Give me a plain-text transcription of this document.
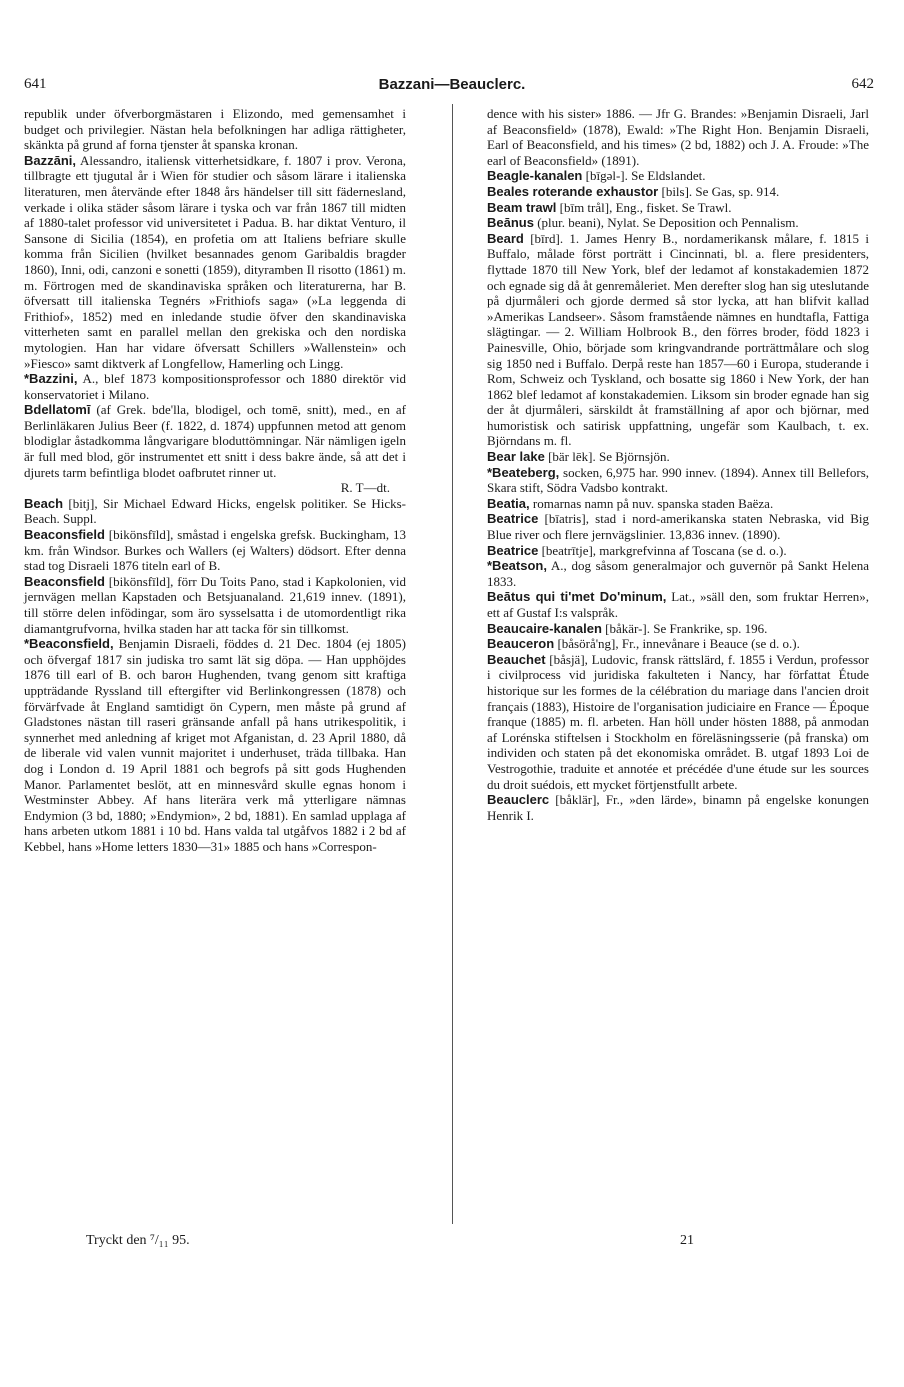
641	Bazzani—Beauclerc.	642

republik under öfverborgmästaren i Elizondo, med gemensamhet i budget och privilegier. Nästan hela befolkningen har adliga rättigheter, skänkta på grund af forna tjenster åt spanska kronan.

Bazzāni, Alessandro, italiensk vitterhetsidkare, f. 1807 i prov. Verona, tillbragte ett tjugutal år i Wien för studier och såsom lärare i italienska literaturen, men återvände efter 1848 års händelser till sitt fädernesland, verkade i olika städer såsom lärare i tyska och var från 1867 till midten af 1880-talet professor vid universitetet i Padua. B. har diktat Venturo, il Sansone di Sicilia (1854), en profetia om att Italiens befriare skulle komma från Sicilien (hvilket besannades genom Garibaldis bragder 1860), Inni, odi, canzoni e sonetti (1859), dityramben Il risotto (1861) m. m. Förtrogen med de skandinaviska språken och literaturerna, har B. öfversatt till italienska Tegnérs »Frithiofs saga» (»La leggenda di Frithiof», 1852) med en inledande studie öfver den skandinaviska vitterheten samt en parallel mellan den grekiska och den nordiska mytologien. Han har vidare öfversatt Schillers »Wallenstein» och »Fiesco» samt diktverk af Longfellow, Hamerling och Lingg.

*Bazzini, A., blef 1873 kompositionsprofessor och 1880 direktör vid konservatoriet i Milano.

Bdellatomī (af Grek. bde'lla, blodigel, och tomē, snitt), med., en af Berlinläkaren Julius Beer (f. 1822, d. 1874) uppfunnen metod att genom blodiglar åstadkomma långvarigare bloduttömningar. När nämligen igeln är full med blod, gör instrumentet ett snitt i dess bakre ände, så att det i djurets tarm befintliga blodet oafbrutet rinner ut.

R. T—dt.

Beach [bitj], Sir Michael Edward Hicks, engelsk politiker. Se Hicks-Beach. Suppl.

Beaconsfield [bikönsfīld], småstad i engelska grefsk. Buckingham, 13 km. från Windsor. Burkes och Wallers (ej Walters) dödsort. Efter denna stad tog Disraeli 1876 titeln earl of B.

Beaconsfield [bikönsfīld], förr Du Toits Pano, stad i Kapkolonien, vid jernvägen mellan Kapstaden och Betsjuanaland. 21,619 innev. (1891), till större delen infödingar, som äro sysselsatta i de utomordentligt rika diamantgrufvorna, hvilka staden har att tacka för sin tillkomst.

*Beaconsfield, Benjamin Disraeli, föddes d. 21 Dec. 1804 (ej 1805) och öfvergaf 1817 sin judiska tro samt lät sig döpa. — Han upphöjdes 1876 till earl of B. och barон Hughenden, tvang genom sitt kraftiga uppträdande Ryssland till eftergifter vid Berlinkongressen (1878) och förvärfvade åt England samtidigt ön Cypern, men måste på grund af Gladstones nästan till raseri gränsande anfall på hans utrikespolitik, i synnerhet med anledning af kriget mot Afganistan, d. 23 April 1880, då de liberale vid valen vunnit majoritet i underhuset, träda tillbaka. Han dog i London d. 19 April 1881 och begrofs på sitt gods Hughenden Manor. Parlamentet beslöt, att en minnesvård skulle egnas honom i Westminster Abbey. Af hans literära verk må ytterligare nämnas Endymion (3 bd, 1880; »Endymion», 2 bd, 1881). En samlad upplaga af hans arbeten utkom 1881 i 10 bd. Hans valda tal utgåfvos 1882 i 2 bd af Kebbel, hans »Home letters 1830—31» 1885 och hans »Correspon-

dence with his sister» 1886. — Jfr G. Brandes: »Benjamin Disraeli, Jarl af Beaconsfield» (1878), Ewald: »The Right Hon. Benjamin Disraeli, Earl of Beaconsfield, and his times» (2 bd, 1882) och J. A. Froude: »The earl of Beaconsfield» (1891).

Beagle-kanalen [bīgǝl-]. Se Eldslandet.

Beales roterande exhaustor [bils]. Se Gas, sp. 914.

Beam trawl [bīm trål], Eng., fisket. Se Trawl.

Beānus (plur. beani), Nylat. Se Deposition och Pennalism.

Beard [bīrd]. 1. James Henry B., nordamerikansk målare, f. 1815 i Buffalo, målade först porträtt i Cincinnati, bl. a. flere presidenters, flyttade 1870 till New York, blef der ledamot af konstakademien 1872 och egnade sig då åt genremåleriet. Men derefter slog han sig uteslutande på djurmåleri och gjorde dermed så stor lycka, att han blifvit kallad »Amerikas Landseer». Såsom framstående nämnes en hundtafla, Fattiga slägtingar. — 2. William Holbrook B., den förres broder, född 1823 i Painesville, Ohio, började som kringvandrande porträttmålare och slog sig 1850 ned i Buffalo. Derpå reste han 1857—60 i Europa, studerande i Rom, Schweiz och Tyskland, och bosatte sig 1860 i New York, der han 1862 blef ledamot af konstakademien. Liksom sin broder egnade han sig der åt djurmåleri, särskildt åt framställning af apor och björnar, med humoristisk och satirisk uppfattning, ungefär som Kaulbach, t. ex. Björndans m. fl.

Bear lake [bär lēk]. Se Björnsjön.

*Beateberg, socken, 6,975 har. 990 innev. (1894). Annex till Bellefors, Skara stift, Södra Vadsbo kontrakt.

Beatia, romarnas namn på nuv. spanska staden Baëza.

Beatrice [bīatris], stad i nord-amerikanska staten Nebraska, vid Big Blue river och flere jernvägslinier. 13,836 innev. (1890).

Beatrice [beatrītje], markgrefvinna af Toscana (se d. o.).

*Beatson, A., dog såsom generalmajor och guvernör på Sankt Helena 1833.

Beātus qui ti'met Do'minum, Lat., »säll den, som fruktar Herren», ett af Gustaf I:s valspråk.

Beaucaire-kanalen [båkär-]. Se Frankrike, sp. 196.

Beauceron [båsörå'ng], Fr., innevånare i Beauce (se d. o.).

Beauchet [båsjä], Ludovic, fransk rättslärd, f. 1855 i Verdun, professor i civilprocess vid juridiska fakulteten i Nancy, har författat Étude historique sur les formes de la célébration du mariage dans l'ancien droit français (1883), Histoire de l'organisation judiciaire en France — Époque franque (1885) m. fl. arbeten. Han höll under hösten 1888, på anmodan af Lorénska stiftelsen i Stockholm en föreläsningsserie (på franska) om individen och staten på det ekonomiska området. B. utgaf 1893 Loi de Vestrogothie, traduite et annotée et précédée d'une étude sur les sources du droit suédois, ett mycket förtjenstfullt arbete.

Beauclerc [båklär], Fr., »den lärde», binamn på engelske konungen Henrik I.

Tryckt den ⁷/₁₁ 95.	21
